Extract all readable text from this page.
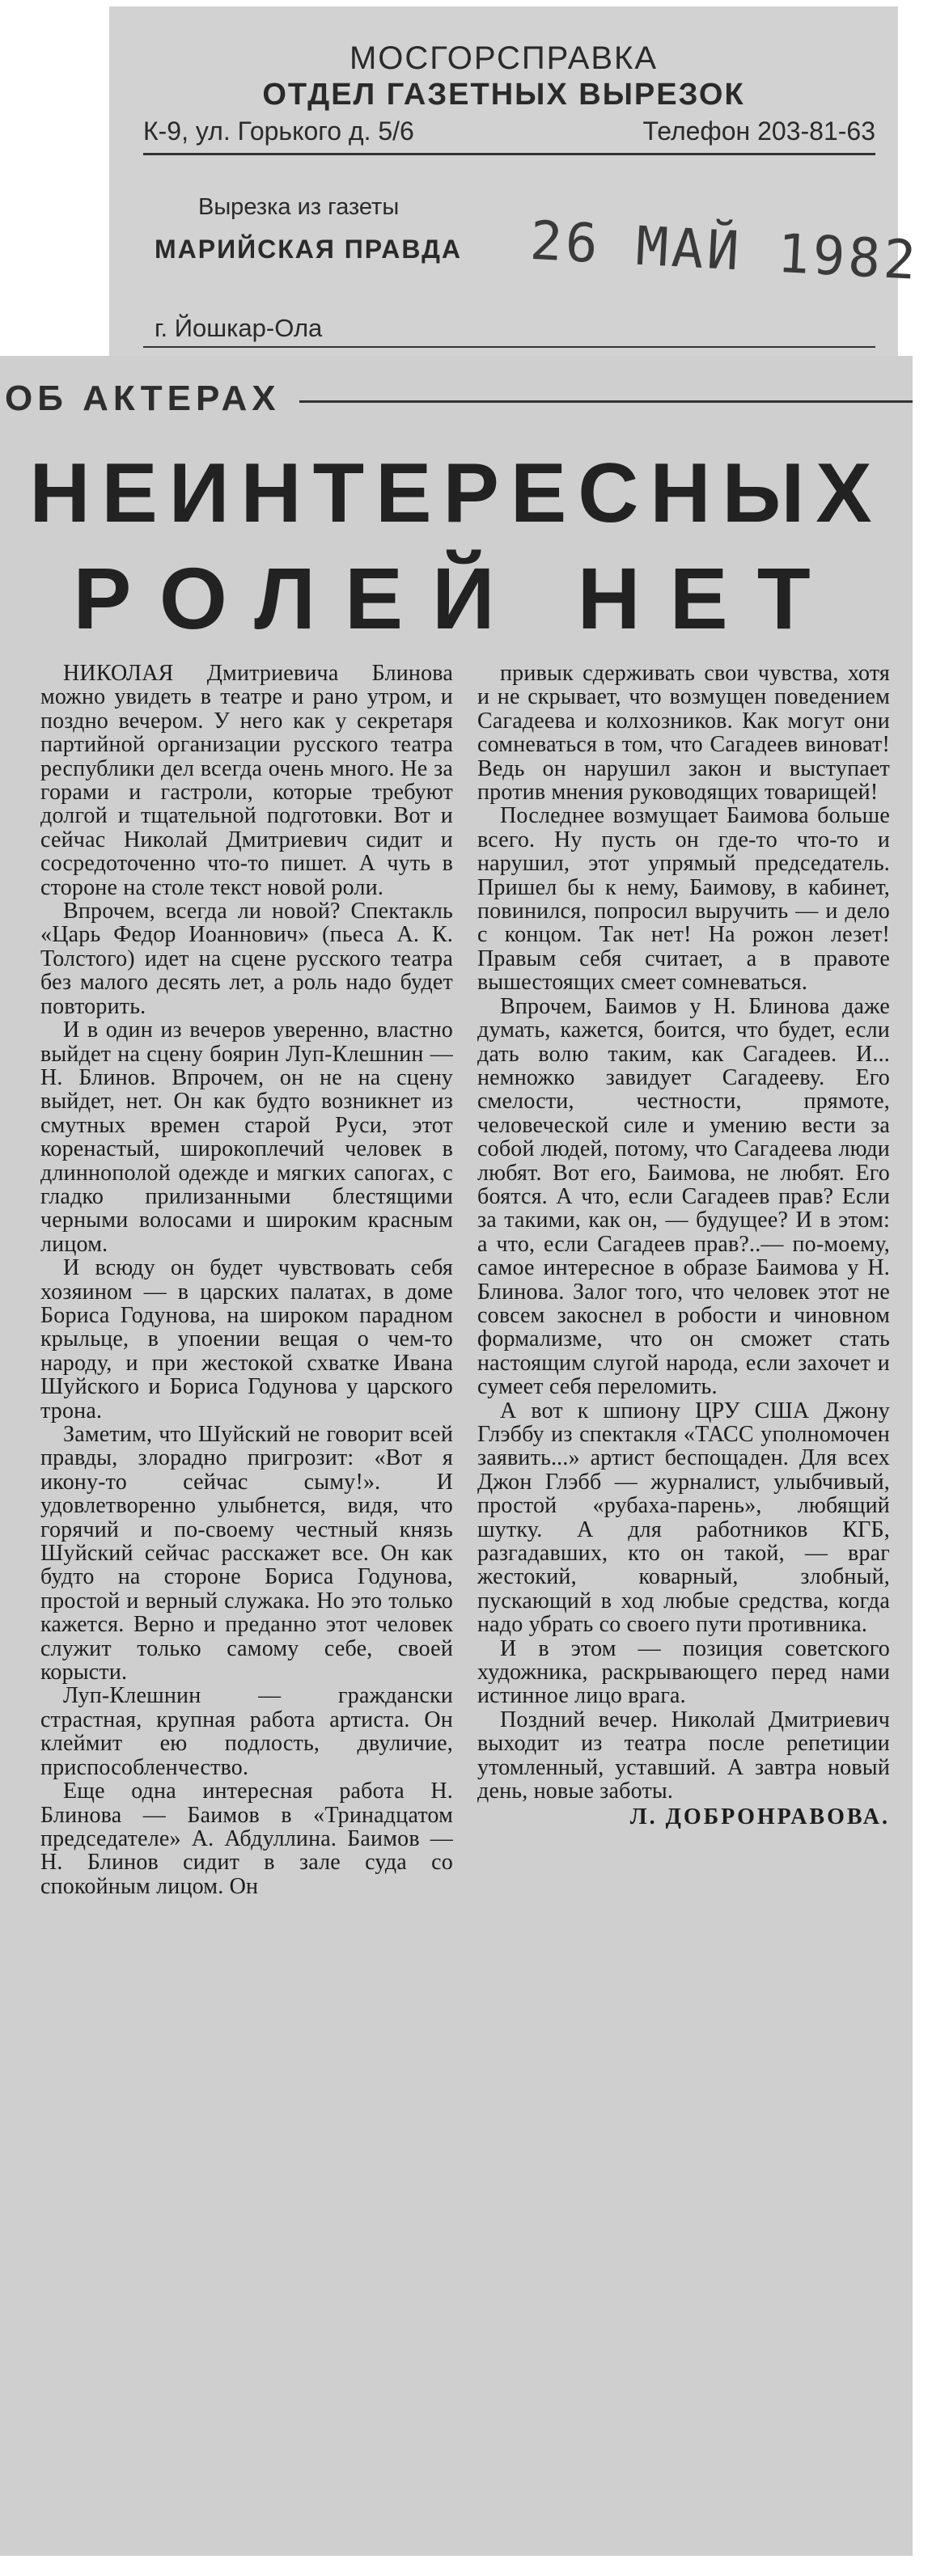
МОСГОРСПРАВКА
ОТДЕЛ ГАЗЕТНЫХ ВЫРЕЗОК
К-9, ул. Горького д. 5/6	Телефон 203-81-63
Вырезка из газеты
МАРИЙСКАЯ ПРАВДА 26 МАЙ 1982
г. Йошкар-Ола
ОБ АКТЕРАХ
НЕИНТЕРЕСНЫХ
РОЛЕЙ НЕТ

НИКОЛАЯ Дмитриевича Блинова можно увидеть в театре и рано утром, и поздно вечером. У него как у секретаря партийной организации русского театра республики дел всегда очень много. Не за горами и гастроли, которые требуют долгой и тщательной подготовки. Вот и сейчас Николай Дмитриевич сидит и сосредоточенно что-то пишет. А чуть в стороне на столе текст новой роли.

Впрочем, всегда ли новой? Спектакль «Царь Федор Иоаннович» (пьеса А. К. Толстого) идет на сцене русского театра без малого десять лет, а роль надо будет повторить.

И в один из вечеров уверенно, властно выйдет на сцену боярин Луп-Клешнин — Н. Блинов. Впрочем, он не на сцену выйдет, нет. Он как будто возникнет из смутных времен старой Руси, этот коренастый, широкоплечий человек в длиннополой одежде и мягких сапогах, с гладко прилизанными блестящими черными волосами и широким красным лицом.

И всюду он будет чувствовать себя хозяином — в царских палатах, в доме Бориса Годунова, на широком парадном крыльце, в упоении вещая о чем-то народу, и при жестокой схватке Ивана Шуйского и Бориса Годунова у царского трона.

Заметим, что Шуйский не говорит всей правды, злорадно пригрозит: «Вот я икону-то сейчас сыму!». И удовлетворенно улыбнется, видя, что горячий и по-своему честный князь Шуйский сейчас расскажет все. Он как будто на стороне Бориса Годунова, простой и верный служака. Но это только кажется. Верно и преданно этот человек служит только самому себе, своей корысти.

Луп-Клешнин — граждански страстная, крупная работа артиста. Он клеймит ею подлость, двуличие, приспособленчество.

Еще одна интересная работа Н. Блинова — Баимов в «Тринадцатом председателе» А. Абдуллина. Баимов — Н. Блинов сидит в зале суда со спокойным лицом. Он

привык сдерживать свои чувства, хотя и не скрывает, что возмущен поведением Сагадеева и колхозников. Как могут они сомневаться в том, что Сагадеев виноват! Ведь он нарушил закон и выступает против мнения руководящих товарищей!

Последнее возмущает Баимова больше всего. Ну пусть он где-то что-то и нарушил, этот упрямый председатель. Пришел бы к нему, Баимову, в кабинет, повинился, попросил выручить — и дело с концом. Так нет! На рожон лезет! Правым себя считает, а в правоте вышестоящих смеет сомневаться.

Впрочем, Баимов у Н. Блинова даже думать, кажется, боится, что будет, если дать волю таким, как Сагадеев. И... немножко завидует Сагадееву. Его смелости, честности, прямоте, человеческой силе и умению вести за собой людей, потому, что Сагадеева люди любят. Вот его, Баимова, не любят. Его боятся. А что, если Сагадеев прав? Если за такими, как он, — будущее? И в этом: а что, если Сагадеев прав?..— по-моему, самое интересное в образе Баимова у Н. Блинова. Залог того, что человек этот не совсем закоснел в робости и чиновном формализме, что он сможет стать настоящим слугой народа, если захочет и сумеет себя переломить.

А вот к шпиону ЦРУ США Джону Глэббу из спектакля «ТАСС уполномочен заявить...» артист беспощаден. Для всех Джон Глэбб — журналист, улыбчивый, простой «рубаха-парень», любящий шутку. А для работников КГБ, разгадавших, кто он такой, — враг жестокий, коварный, злобный, пускающий в ход любые средства, когда надо убрать со своего пути противника.

И в этом — позиция советского художника, раскрывающего перед нами истинное лицо врага.

Поздний вечер. Николай Дмитриевич выходит из театра после репетиции утомленный, уставший. А завтра новый день, новые заботы.

Л. ДОБРОНРАВОВА.
